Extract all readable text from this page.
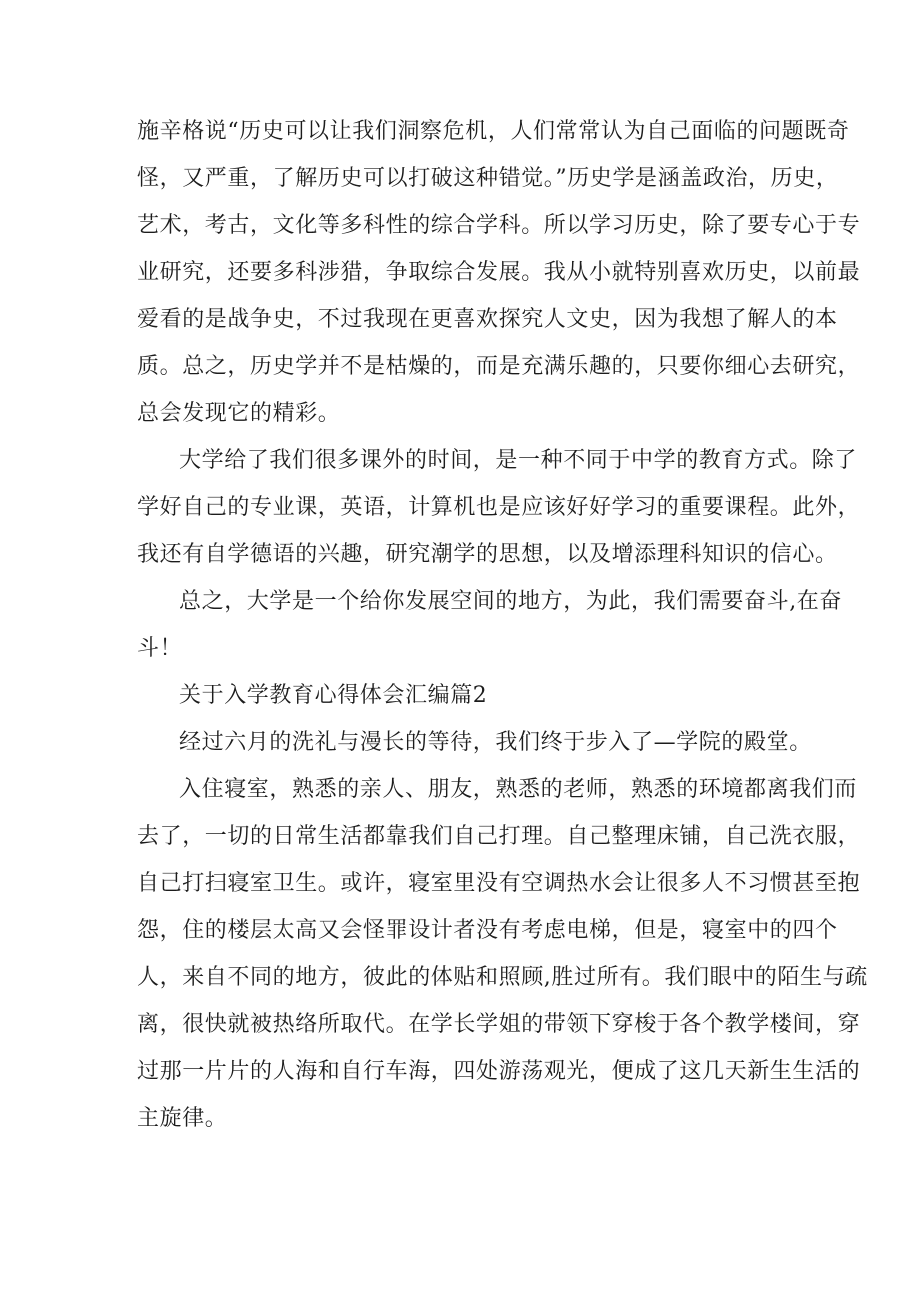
施辛格说“历史可以让我们洞察危机，人们常常认为自己面临的问题既奇
怪，又严重，了解历史可以打破这种错觉。”历史学是涵盖政治，历史，
艺术，考古，文化等多科性的综合学科。所以学习历史，除了要专心于专
业研究，还要多科涉猎，争取综合发展。我从小就特别喜欢历史，以前最
爱看的是战争史，不过我现在更喜欢探究人文史，因为我想了解人的本
质。总之，历史学并不是枯燥的，而是充满乐趣的，只要你细心去研究，
总会发现它的精彩。
大学给了我们很多课外的时间，是一种不同于中学的教育方式。除了
学好自己的专业课，英语，计算机也是应该好好学习的重要课程。此外，
我还有自学德语的兴趣，研究潮学的思想，以及增添理科知识的信心。
总之，大学是一个给你发展空间的地方，为此，我们需要奋斗,在奋
斗！
关于入学教育心得体会汇编篇2
经过六月的洗礼与漫长的等待，我们终于步入了—学院的殿堂。
入住寝室，熟悉的亲人、朋友，熟悉的老师，熟悉的环境都离我们而
去了，一切的日常生活都靠我们自己打理。自己整理床铺，自己洗衣服，
自己打扫寝室卫生。或许，寝室里没有空调热水会让很多人不习惯甚至抱
怨，住的楼层太高又会怪罪设计者没有考虑电梯，但是，寝室中的四个
人，来自不同的地方，彼此的体贴和照顾,胜过所有。我们眼中的陌生与疏
离，很快就被热络所取代。在学长学姐的带领下穿梭于各个教学楼间，穿
过那一片片的人海和自行车海，四处游荡观光，便成了这几天新生生活的
主旋律。
